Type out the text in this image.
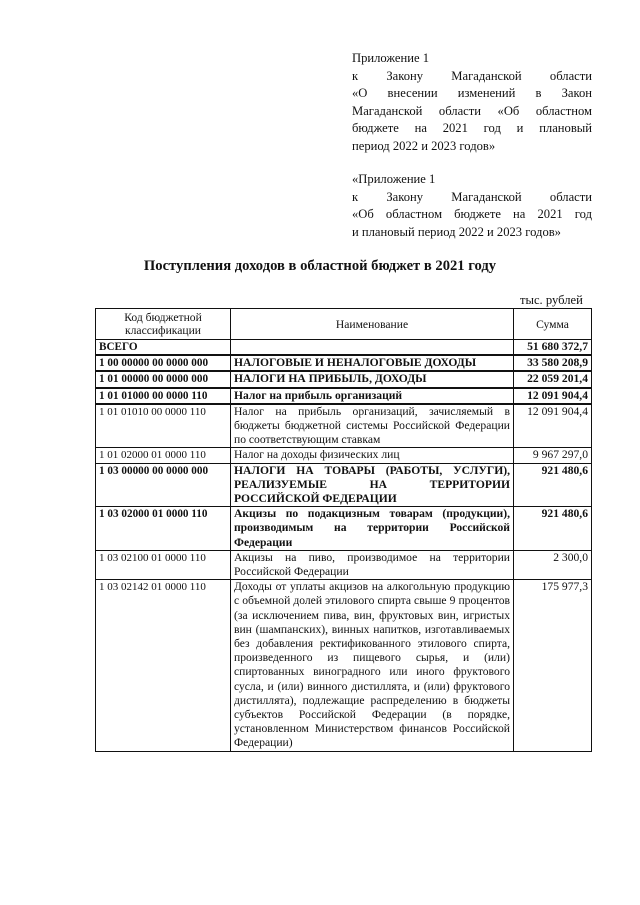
Приложение 1
к Закону Магаданской области
«О внесении изменений в Закон
Магаданской области «Об областном
бюджете на 2021 год и плановый
период 2022 и 2023 годов»
«Приложение 1
к Закону Магаданской области
«Об областном бюджете на 2021 год
и плановый период 2022 и 2023 годов»
Поступления доходов в областной бюджет в 2021 году
тыс. рублей
Код бюджетной классификации	Наименование	Сумма
ВСЕГО		51 680 372,7
1 00 00000 00 0000 000	НАЛОГОВЫЕ И НЕНАЛОГОВЫЕ ДОХОДЫ	33 580 208,9
1 01 00000 00 0000 000	НАЛОГИ НА ПРИБЫЛЬ, ДОХОДЫ	22 059 201,4
1 01 01000 00 0000 110	Налог на прибыль организаций	12 091 904,4
1 01 01010 00 0000 110	Налог на прибыль организаций, зачисляемый в бюджеты бюджетной системы Российской Федерации по соответствующим ставкам	12 091 904,4
1 01 02000 01 0000 110	Налог на доходы физических лиц	9 967 297,0
1 03 00000 00 0000 000	НАЛОГИ НА ТОВАРЫ (РАБОТЫ, УСЛУГИ), РЕАЛИЗУЕМЫЕ НА ТЕРРИТОРИИ РОССИЙСКОЙ ФЕДЕРАЦИИ	921 480,6
1 03 02000 01 0000 110	Акцизы по подакцизным товарам (продукции), производимым на территории Российской Федерации	921 480,6
1 03 02100 01 0000 110	Акцизы на пиво, производимое на территории Российской Федерации	2 300,0
1 03 02142 01 0000 110	Доходы от уплаты акцизов на алкогольную продукцию с объемной долей этилового спирта свыше 9 процентов (за исключением пива, вин, фруктовых вин, игристых вин (шампанских), винных напитков, изготавливаемых без добавления ректификованного этилового спирта, произведенного из пищевого сырья, и (или) спиртованных виноградного или иного фруктового сусла, и (или) винного дистиллята, и (или) фруктового дистиллята), подлежащие распределению в бюджеты субъектов Российской Федерации (в порядке, установленном Министерством финансов Российской Федерации)	175 977,3
